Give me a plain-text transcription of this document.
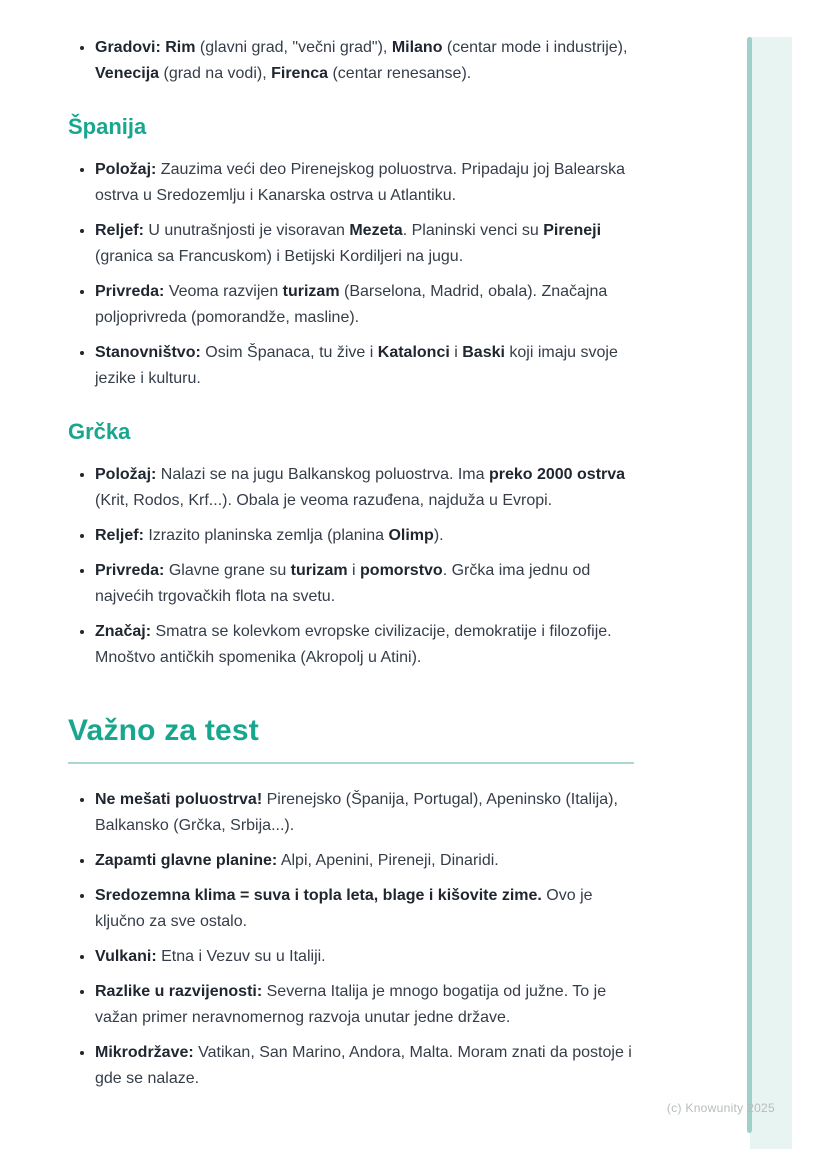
• Gradovi: Rim (glavni grad, "večni grad"), Milano (centar mode i industrije), Venecija (grad na vodi), Firenca (centar renesanse).
Španija
• Položaj: Zauzima veći deo Pirenejskog poluostrva. Pripadaju joj Balearska ostrva u Sredozemlju i Kanarska ostrva u Atlantiku.
• Reljef: U unutrašnjosti je visoravan Mezeta. Planinski venci su Pireneji (granica sa Francuskom) i Betijski Kordiljeri na jugu.
• Privreda: Veoma razvijen turizam (Barselona, Madrid, obala). Značajna poljoprivreda (pomorandže, masline).
• Stanovništvo: Osim Španaca, tu žive i Katalonci i Baski koji imaju svoje jezike i kulturu.
Grčka
• Položaj: Nalazi se na jugu Balkanskog poluostrva. Ima preko 2000 ostrva (Krit, Rodos, Krf...). Obala je veoma razuđena, najduža u Evropi.
• Reljef: Izrazito planinska zemlja (planina Olimp).
• Privreda: Glavne grane su turizam i pomorstvo. Grčka ima jednu od najvećih trgovačkih flota na svetu.
• Značaj: Smatra se kolevkom evropske civilizacije, demokratije i filozofije. Mnoštvo antičkih spomenika (Akropolj u Atini).
Važno za test
• Ne mešati poluostrva! Pirenejsko (Španija, Portugal), Apeninsko (Italija), Balkansko (Grčka, Srbija...).
• Zapamti glavne planine: Alpi, Apenini, Pireneji, Dinaridi.
• Sredozemna klima = suva i topla leta, blage i kišovite zime. Ovo je ključno za sve ostalo.
• Vulkani: Etna i Vezuv su u Italiji.
• Razlike u razvijenosti: Severna Italija je mnogo bogatija od južne. To je važan primer neravnomernog razvoja unutar jedne države.
• Mikrodržave: Vatikan, San Marino, Andora, Malta. Moram znati da postoje i gde se nalaze.
(c) Knowunity 2025
